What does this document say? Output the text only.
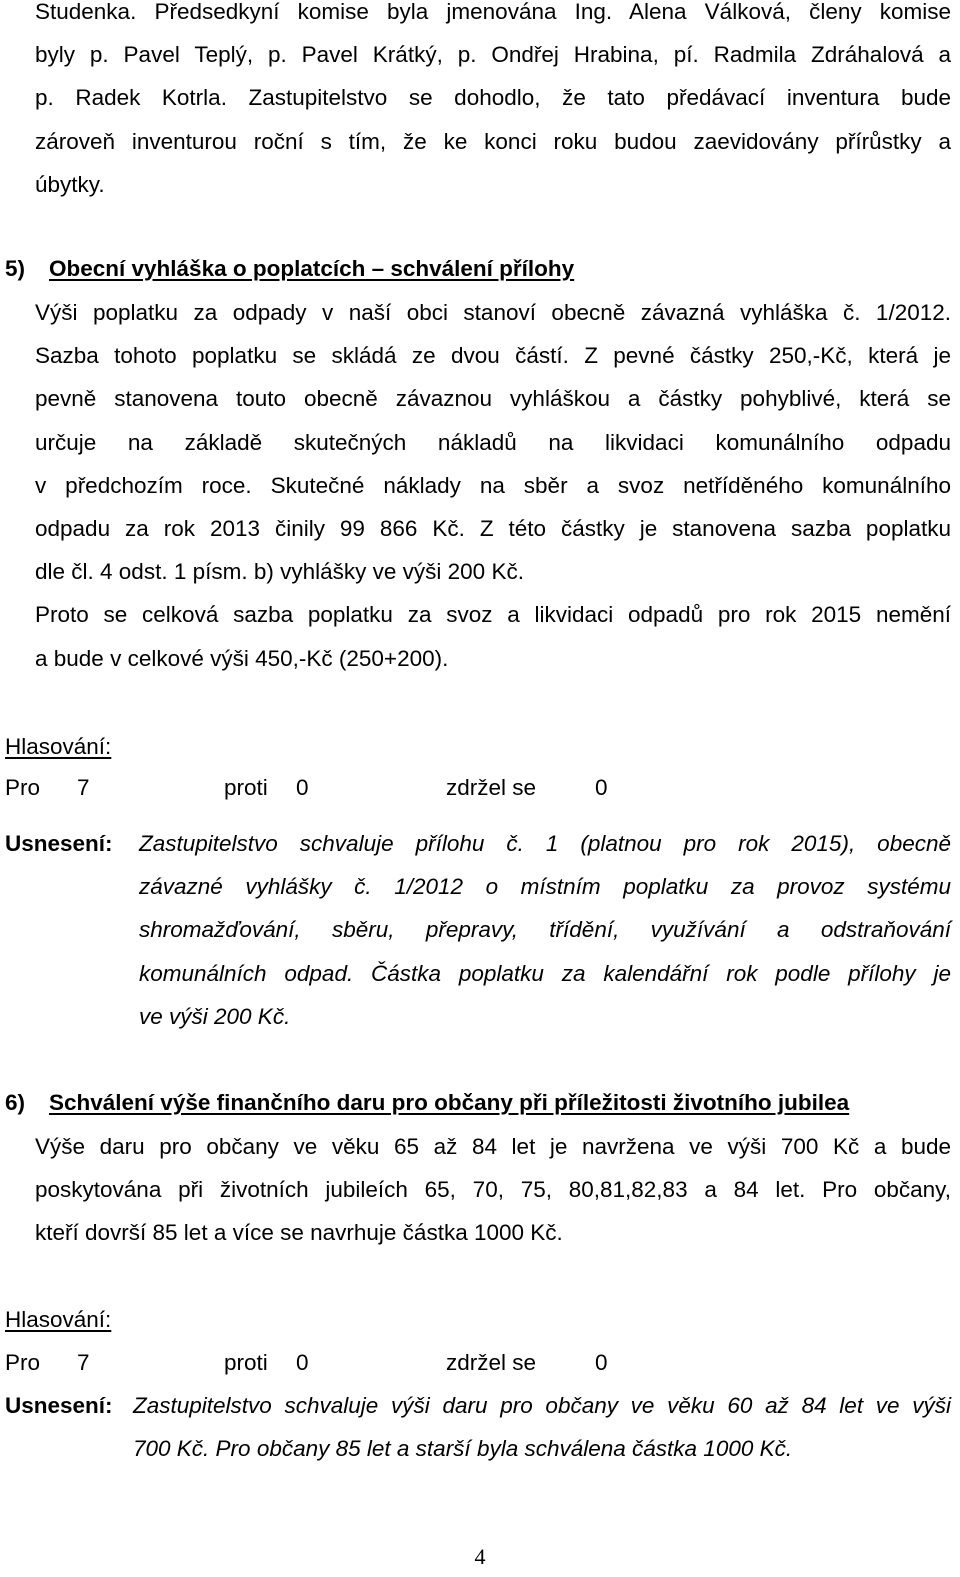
Studenka. Předsedkyní komise byla jmenována Ing. Alena Válková, členy komise
byly p. Pavel Teplý, p. Pavel Krátký, p. Ondřej Hrabina, pí. Radmila Zdráhalová a
p. Radek Kotrla. Zastupitelstvo se dohodlo, že tato předávací inventura bude
zároveň inventurou roční s tím, že ke konci roku budou zaevidovány přírůstky a
úbytky.
5) Obecní vyhláška o poplatcích – schválení přílohy
Výši poplatku za odpady v naší obci stanoví obecně závazná vyhláška č. 1/2012.
Sazba tohoto poplatku se skládá ze dvou částí. Z pevné částky 250,-Kč, která je
pevně stanovena touto obecně závaznou vyhláškou a částky pohyblivé, která se
určuje na základě skutečných nákladů na likvidaci komunálního odpadu
v předchozím roce. Skutečné náklady na sběr a svoz netříděného komunálního
odpadu za rok 2013 činily 99 866 Kč. Z této částky je stanovena sazba poplatku
dle čl. 4 odst. 1 písm. b) vyhlášky ve výši 200 Kč.
Proto se celková sazba poplatku za svoz a likvidaci odpadů pro rok 2015 nemění
a bude v celkové výši 450,-Kč (250+200).
Hlasování:
Pro 7	proti 0	zdržel se	0
Usnesení: Zastupitelstvo schvaluje přílohu č. 1 (platnou pro rok 2015), obecně
závazné vyhlášky č. 1/2012 o místním poplatku za provoz systému
shromažďování, sběru, přepravy, třídění, využívání a odstraňování
komunálních odpad. Částka poplatku za kalendářní rok podle přílohy je
ve výši 200 Kč.
6) Schválení výše finančního daru pro občany při příležitosti životního jubilea
Výše daru pro občany ve věku 65 až 84 let je navržena ve výši 700 Kč a bude
poskytována při životních jubileích 65, 70, 75, 80,81,82,83 a 84 let. Pro občany,
kteří dovrší 85 let a více se navrhuje částka 1000 Kč.
Hlasování:
Pro 7	proti 0	zdržel se	0
Usnesení: Zastupitelstvo schvaluje výši daru pro občany ve věku 60 až 84 let ve výši
700 Kč. Pro občany 85 let a starší byla schválena částka 1000 Kč.
4
